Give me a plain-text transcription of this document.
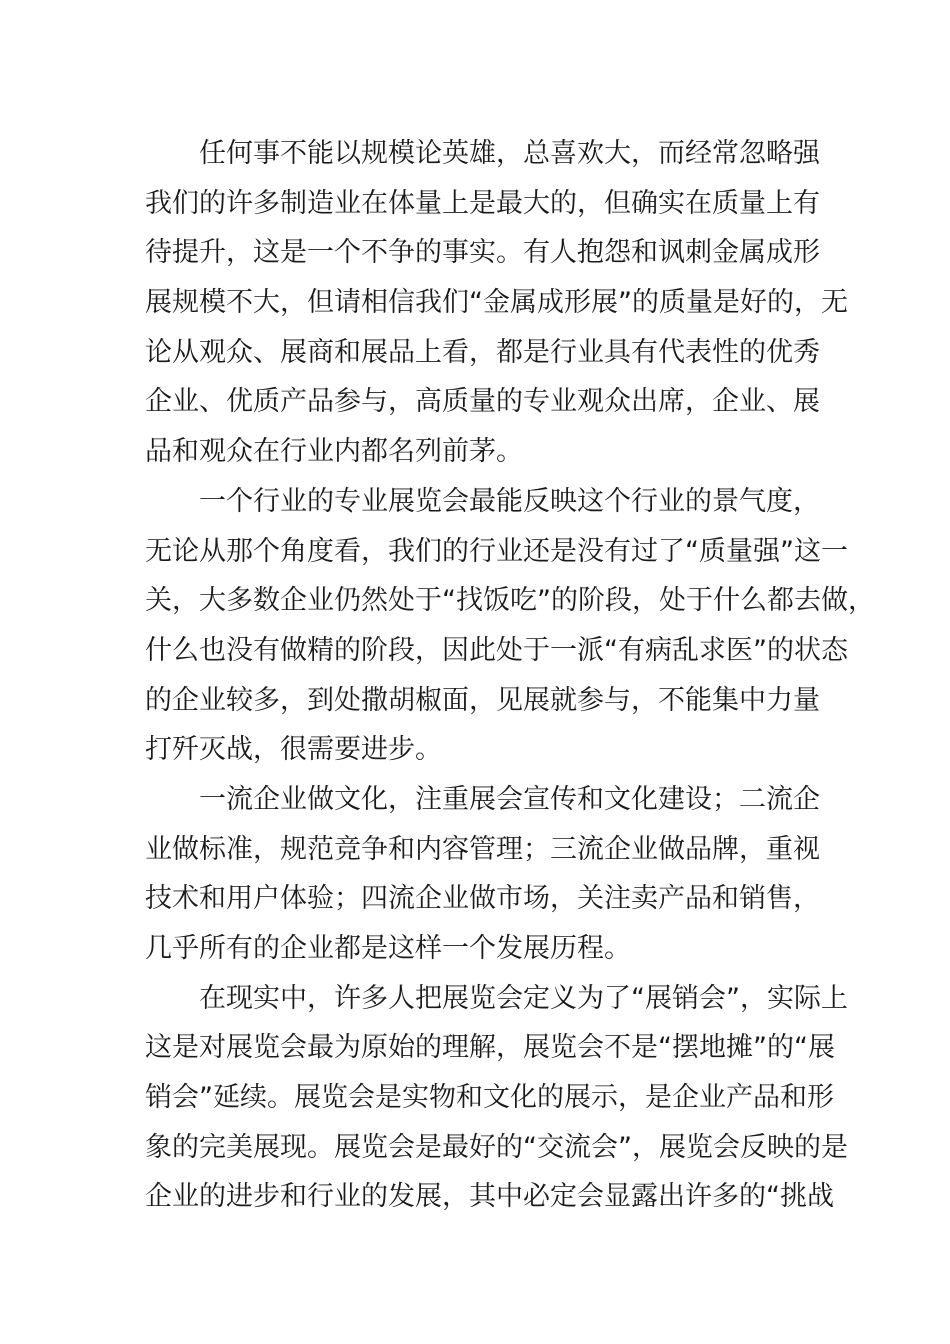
任何事不能以规模论英雄，总喜欢大，而经常忽略强
我们的许多制造业在体量上是最大的，但确实在质量上有
待提升，这是一个不争的事实。有人抱怨和讽刺金属成形
展规模不大，但请相信我们“金属成形展”的质量是好的，无
论从观众、展商和展品上看，都是行业具有代表性的优秀
企业、优质产品参与，高质量的专业观众出席，企业、展
品和观众在行业内都名列前茅。
一个行业的专业展览会最能反映这个行业的景气度，
无论从那个角度看，我们的行业还是没有过了“质量强”这一
关，大多数企业仍然处于“找饭吃”的阶段，处于什么都去做，
什么也没有做精的阶段，因此处于一派“有病乱求医”的状态
的企业较多，到处撒胡椒面，见展就参与，不能集中力量
打歼灭战，很需要进步。
一流企业做文化，注重展会宣传和文化建设；二流企
业做标准，规范竞争和内容管理；三流企业做品牌，重视
技术和用户体验；四流企业做市场，关注卖产品和销售，
几乎所有的企业都是这样一个发展历程。
在现实中，许多人把展览会定义为了“展销会”，实际上
这是对展览会最为原始的理解，展览会不是“摆地摊”的“展
销会”延续。展览会是实物和文化的展示，是企业产品和形
象的完美展现。展览会是最好的“交流会”，展览会反映的是
企业的进步和行业的发展，其中必定会显露出许多的“挑战
